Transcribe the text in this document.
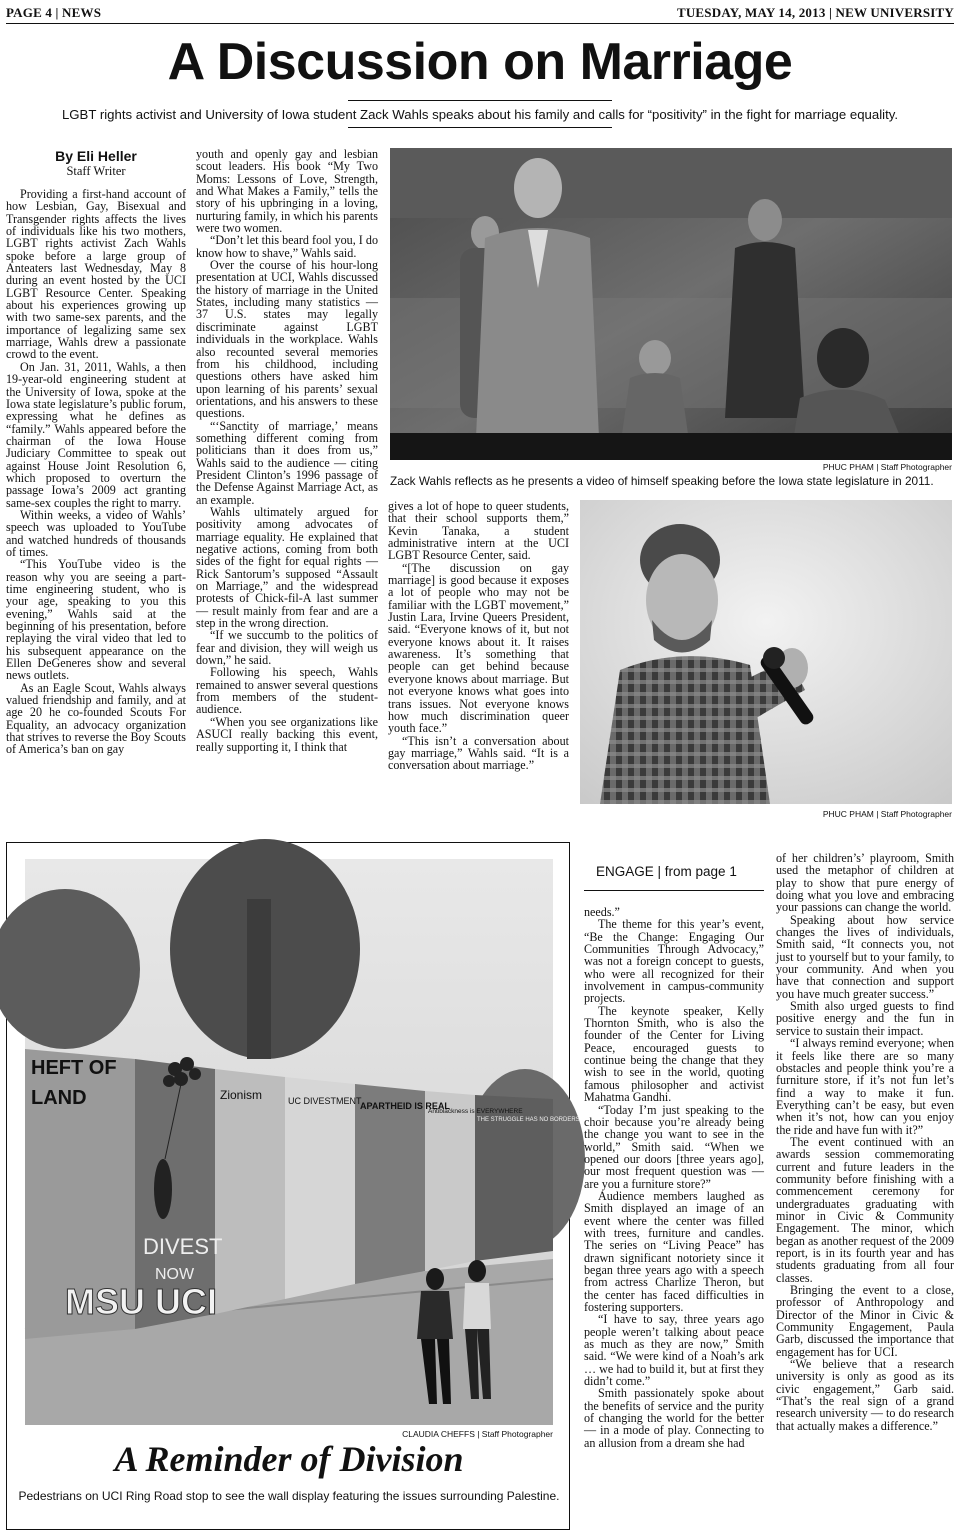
PAGE 4 | NEWS	TUESDAY, MAY 14, 2013 | NEW UNIVERSITY
A Discussion on Marriage
LGBT rights activist and University of Iowa student Zack Wahls speaks about his family and calls for “positivity” in the fight for marriage equality.
By Eli Heller
Staff Writer

Providing a first-hand account of how Lesbian, Gay, Bisexual and Transgender rights affects the lives of individuals like his two mothers, LGBT rights activist Zach Wahls spoke before a large group of Anteaters last Wednesday, May 8 during an event hosted by the UCI LGBT Resource Center. Speaking about his experiences growing up with two same-sex parents, and the importance of legalizing same sex marriage, Wahls drew a passionate crowd to the event.

On Jan. 31, 2011, Wahls, a then 19-year-old engineering student at the University of Iowa, spoke at the Iowa state legislature’s public forum, expressing what he defines as “family.” Wahls appeared before the chairman of the Iowa House Judiciary Committee to speak out against House Joint Resolution 6, which proposed to overturn the passage Iowa’s 2009 act granting same-sex couples the right to marry.

Within weeks, a video of Wahls’ speech was uploaded to YouTube and watched hundreds of thousands of times.

“This YouTube video is the reason why you are seeing a part-time engineering student, who is your age, speaking to you this evening,” Wahls said at the beginning of his presentation, before replaying the viral video that led to his subsequent appearance on the Ellen DeGeneres show and several news outlets.

As an Eagle Scout, Wahls always valued friendship and family, and at age 20 he co-founded Scouts For Equality, an advocacy organization that strives to reverse the Boy Scouts of America’s ban on gay

youth and openly gay and lesbian scout leaders. His book “My Two Moms: Lessons of Love, Strength, and What Makes a Family,” tells the story of his upbringing in a loving, nurturing family, in which his parents were two women.

“Don’t let this beard fool you, I do know how to shave,” Wahls said.

Over the course of his hour-long presentation at UCI, Wahls discussed the history of marriage in the United States, including many statistics — 37 U.S. states may legally discriminate against LGBT individuals in the workplace. Wahls also recounted several memories from his childhood, including questions others have asked him upon learning of his parents’ sexual orientations, and his answers to these questions.

“‘Sanctity of marriage,’ means something different coming from politicians than it does from us,” Wahls said to the audience — citing President Clinton’s 1996 passage of the Defense Against Marriage Act, as an example.

Wahls ultimately argued for positivity among advocates of marriage equality. He explained that negative actions, coming from both sides of the fight for equal rights — Rick Santorum’s supposed “Assault on Marriage,” and the widespread protests of Chick-fil-A last summer — result mainly from fear and are a step in the wrong direction.

“If we succumb to the politics of fear and division, they will weigh us down,” he said.

Following his speech, Wahls remained to answer several questions from members of the student-audience.

“When you see organizations like ASUCI really backing this event, really supporting it, I think that

PHUC PHAM | Staff Photographer
Zack Wahls reflects as he presents a video of himself speaking before the Iowa state legislature in 2011.

gives a lot of hope to queer students, that their school supports them,” Kevin Tanaka, a student administrative intern at the UCI LGBT Resource Center, said.

“[The discussion on gay marriage] is good because it exposes a lot of people who may not be familiar with the LGBT movement,” Justin Lara, Irvine Queers President, said. “Everyone knows of it, but not everyone knows about it. It raises awareness. It’s something that people can get behind because everyone knows about marriage. But not everyone knows what goes into trans issues. Not everyone knows how much discrimination queer youth face.”

“This isn’t a conversation about gay marriage,” Wahls said. “It is a conversation about marriage.”

PHUC PHAM | Staff Photographer
HEFT OF
LAND
DIVEST
NOW
MSU UCI
UC DIVESTMENT
APARTHEID IS REAL
Antiblackness is EVERYWHERE
THE STRUGGLE HAS NO BORDERS
Zionism
CLAUDIA CHEFFS | Staff Photographer
A Reminder of Division
Pedestrians on UCI Ring Road stop to see the wall display featuring the issues surrounding Palestine.
ENGAGE | from page 1

needs.”

The theme for this year’s event, “Be the Change: Engaging Our Communities Through Advocacy,” was not a foreign concept to guests, who were all recognized for their involvement in campus-community projects.

The keynote speaker, Kelly Thornton Smith, who is also the founder of the Center for Living Peace, encouraged guests to continue being the change that they wish to see in the world, quoting famous philosopher and activist Mahatma Gandhi.

“Today I’m just speaking to the choir because you’re already being the change you want to see in the world,” Smith said. “When we opened our doors [three years ago], our most frequent question was — are you a furniture store?”

Audience members laughed as Smith displayed an image of an event where the center was filled with trees, furniture and candles. The series on “Living Peace” has drawn significant notoriety since it began three years ago with a speech from actress Charlize Theron, but the center has faced difficulties in fostering supporters.

“I have to say, three years ago people weren’t talking about peace as much as they are now,” Smith said. “We were kind of a Noah’s ark … we had to build it, but at first they didn’t come.”

Smith passionately spoke about the benefits of service and the purity of changing the world for the better — in a mode of play. Connecting to an allusion from a dream she had

of her children’s’ playroom, Smith used the metaphor of children at play to show that pure energy of doing what you love and embracing your passions can change the world.

Speaking about how service changes the lives of individuals, Smith said, “It connects you, not just to yourself but to your family, to your community. And when you have that connection and support you have much greater success.”

Smith also urged guests to find positive energy and the fun in service to sustain their impact.

“I always remind everyone; when it feels like there are so many obstacles and people think you’re a furniture store, if it’s not fun let’s find a way to make it fun. Everything can’t be easy, but even when it’s not, how can you enjoy the ride and have fun with it?”

The event continued with an awards session commemorating current and future leaders in the community before finishing with a commencement ceremony for undergraduates graduating with minor in Civic & Community Engagement. The minor, which began as another request of the 2009 report, is in its fourth year and has students graduating from all four classes.

Bringing the event to a close, professor of Anthropology and Director of the Minor in Civic & Community Engagement, Paula Garb, discussed the importance that engagement has for UCI.

“We believe that a research university is only as good as its civic engagement,” Garb said. “That’s the real sign of a grand research university — to do research that actually makes a difference.”
